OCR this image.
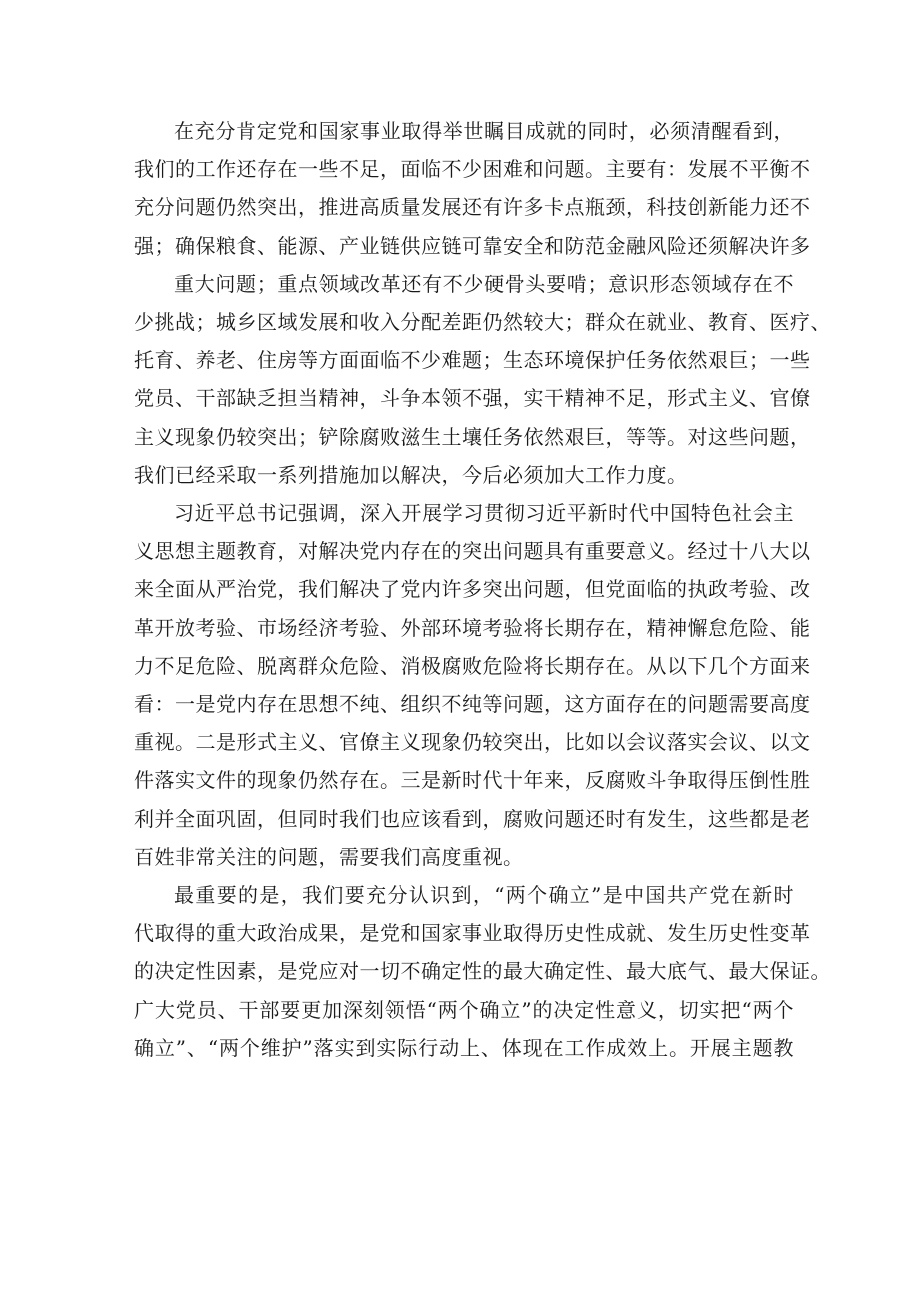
在充分肯定党和国家事业取得举世瞩目成就的同时，必须清醒看到，
我们的工作还存在一些不足，面临不少困难和问题。主要有：发展不平衡不
充分问题仍然突出，推进高质量发展还有许多卡点瓶颈，科技创新能力还不
强；确保粮食、能源、产业链供应链可靠安全和防范金融风险还须解决许多
重大问题；重点领域改革还有不少硬骨头要啃；意识形态领域存在不
少挑战；城乡区域发展和收入分配差距仍然较大；群众在就业、教育、医疗、
托育、养老、住房等方面面临不少难题；生态环境保护任务依然艰巨；一些
党员、干部缺乏担当精神，斗争本领不强，实干精神不足，形式主义、官僚
主义现象仍较突出；铲除腐败滋生土壤任务依然艰巨，等等。对这些问题，
我们已经采取一系列措施加以解决，今后必须加大工作力度。
习近平总书记强调，深入开展学习贯彻习近平新时代中国特色社会主
义思想主题教育，对解决党内存在的突出问题具有重要意义。经过十八大以
来全面从严治党，我们解决了党内许多突出问题，但党面临的执政考验、改
革开放考验、市场经济考验、外部环境考验将长期存在，精神懈怠危险、能
力不足危险、脱离群众危险、消极腐败危险将长期存在。从以下几个方面来
看：一是党内存在思想不纯、组织不纯等问题，这方面存在的问题需要高度
重视。二是形式主义、官僚主义现象仍较突出，比如以会议落实会议、以文
件落实文件的现象仍然存在。三是新时代十年来，反腐败斗争取得压倒性胜
利并全面巩固，但同时我们也应该看到，腐败问题还时有发生，这些都是老
百姓非常关注的问题，需要我们高度重视。
最重要的是，我们要充分认识到，“两个确立”是中国共产党在新时
代取得的重大政治成果，是党和国家事业取得历史性成就、发生历史性变革
的决定性因素，是党应对一切不确定性的最大确定性、最大底气、最大保证。
广大党员、干部要更加深刻领悟“两个确立”的决定性意义，切实把“两个
确立”、“两个维护”落实到实际行动上、体现在工作成效上。开展主题教
